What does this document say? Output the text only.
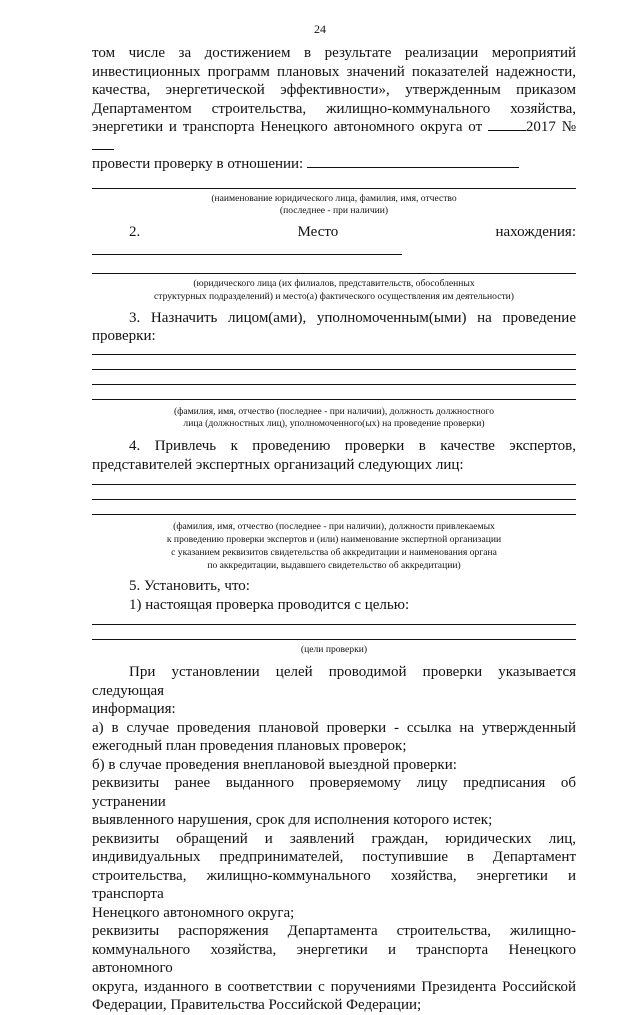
24

том числе за достижением в результате реализации мероприятий

инвестиционных программ плановых значений показателей надежности,

качества, энергетической эффективности», утвержденным приказом

Департаментом строительства, жилищно-коммунального хозяйства,

энергетики и транспорта Ненецкого автономного округа от	2017 №

провести проверку в отношении:

(наименование юридического лица, фамилия, имя, отчество

(последнее - при наличии)

2. Место нахождения:

(юридического лица (их филиалов, представительств, обособленных

структурных подразделений) и место(а) фактического осуществления им деятельности)

3. Назначить лицом(ами), уполномоченным(ыми) на проведение

проверки:

(фамилия, имя, отчество (последнее - при наличии), должность должностного

лица (должностных лиц), уполномоченного(ых) на проведение проверки)

4. Привлечь к проведению проверки в качестве экспертов,

представителей экспертных организаций следующих лиц:

(фамилия, имя, отчество (последнее - при наличии), должности привлекаемых

к проведению проверки экспертов и (или) наименование экспертной организации

с указанием реквизитов свидетельства об аккредитации и наименования органа

по аккредитации, выдавшего свидетельство об аккредитации)

5. Установить, что:

1) настоящая проверка проводится с целью:

(цели проверки)

При установлении целей проводимой проверки указывается следующая

информация:

а) в случае проведения плановой проверки - ссылка на утвержденный

ежегодный план проведения плановых проверок;

б) в случае проведения внеплановой выездной проверки:

реквизиты ранее выданного проверяемому лицу предписания об устранении

выявленного нарушения, срок для исполнения которого истек;

реквизиты обращений и заявлений граждан, юридических лиц,

индивидуальных предпринимателей, поступившие в Департамент

строительства, жилищно-коммунального хозяйства, энергетики и транспорта

Ненецкого автономного округа;

реквизиты распоряжения Департамента строительства, жилищно-

коммунального хозяйства, энергетики и транспорта Ненецкого автономного

округа, изданного в соответствии с поручениями Президента Российской

Федерации, Правительства Российской Федерации;
